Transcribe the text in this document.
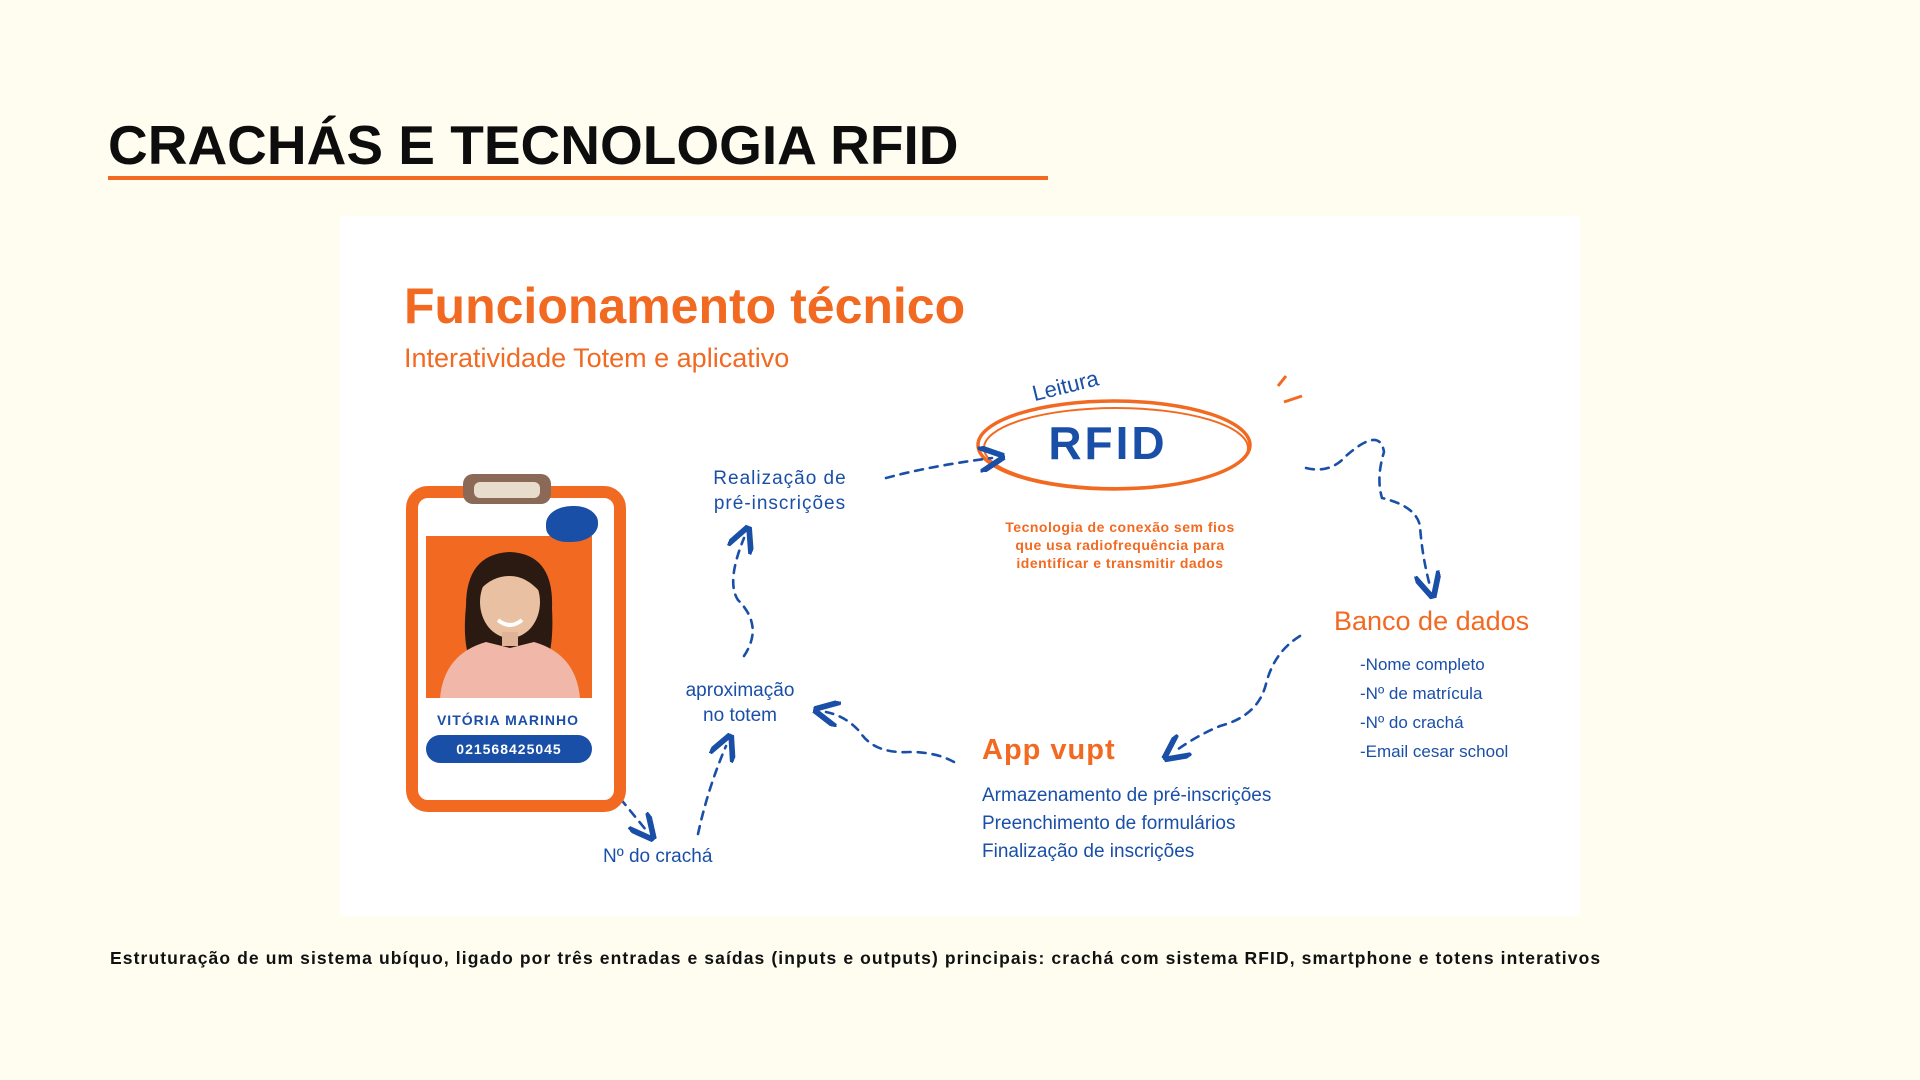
CRACHÁS E TECNOLOGIA RFID
Funcionamento técnico
Interatividade Totem e aplicativo
VITÓRIA MARINHO
021568425045
Nº do crachá
aproximação
no totem
Realização de
pré-inscrições
Leitura
RFID
Tecnologia de conexão sem fios que usa radiofrequência para identificar e transmitir dados
Banco de dados
-Nome completo
-Nº de matrícula
-Nº do crachá
-Email cesar school
App vupt
Armazenamento de pré-inscrições
Preenchimento de formulários
Finalização de inscrições
Estruturação de um sistema ubíquo, ligado por três entradas e saídas (inputs e outputs) principais: crachá com sistema RFID, smartphone e totens interativos
